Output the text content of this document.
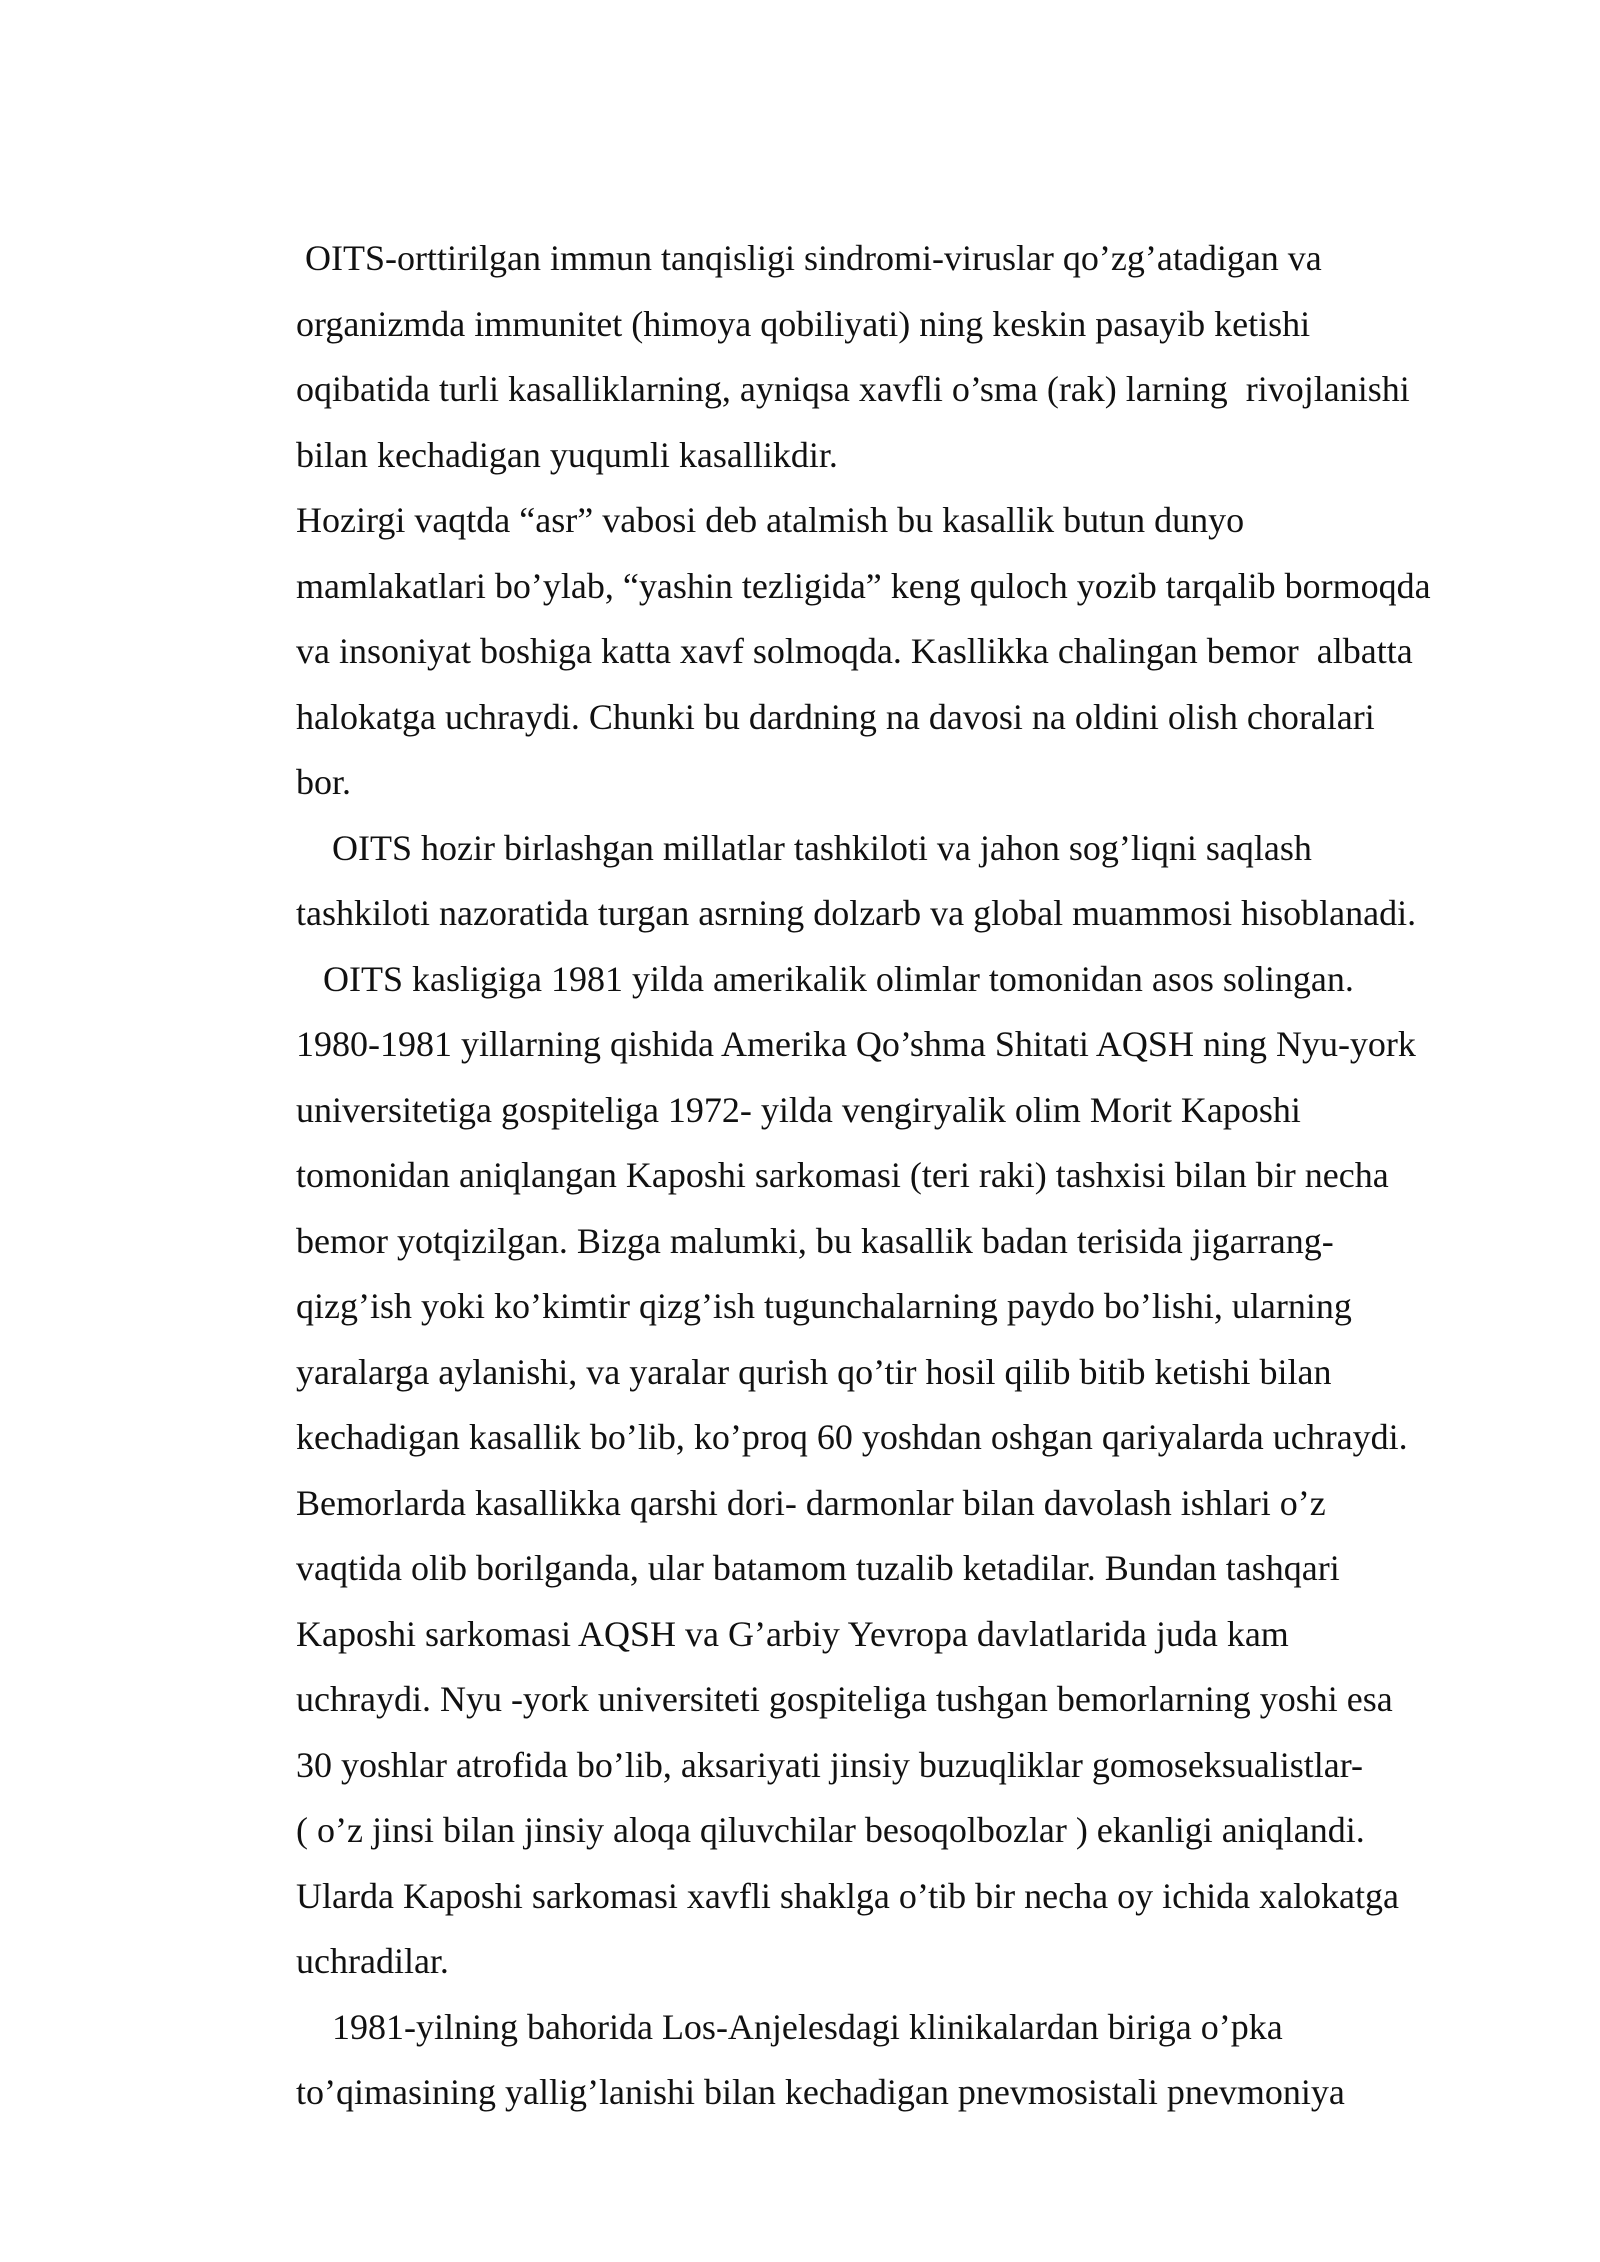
OITS-orttirilgan immun tanqisligi sindromi-viruslar qo’zg’atadigan va
organizmda immunitet (himoya qobiliyati) ning keskin pasayib ketishi
oqibatida turli kasalliklarning, ayniqsa xavfli o’sma (rak) larning  rivojlanishi
bilan kechadigan yuqumli kasallikdir.
Hozirgi vaqtda “asr” vabosi deb atalmish bu kasallik butun dunyo
mamlakatlari bo’ylab, “yashin tezligida” keng quloch yozib tarqalib bormoqda
va insoniyat boshiga katta xavf solmoqda. Kasllikka chalingan bemor  albatta
halokatga uchraydi. Chunki bu dardning na davosi na oldini olish choralari
bor.
OITS hozir birlashgan millatlar tashkiloti va jahon sog’liqni saqlash
tashkiloti nazoratida turgan asrning dolzarb va global muammosi hisoblanadi.
OITS kasligiga 1981 yilda amerikalik olimlar tomonidan asos solingan.
1980-1981 yillarning qishida Amerika Qo’shma Shitati AQSH ning Nyu-york
universitetiga gospiteliga 1972- yilda vengiryalik olim Morit Kaposhi
tomonidan aniqlangan Kaposhi sarkomasi (teri raki) tashxisi bilan bir necha
bemor yotqizilgan. Bizga malumki, bu kasallik badan terisida jigarrang-
qizg’ish yoki ko’kimtir qizg’ish tugunchalarning paydo bo’lishi, ularning
yaralarga aylanishi, va yaralar qurish qo’tir hosil qilib bitib ketishi bilan
kechadigan kasallik bo’lib, ko’proq 60 yoshdan oshgan qariyalarda uchraydi.
Bemorlarda kasallikka qarshi dori- darmonlar bilan davolash ishlari o’z
vaqtida olib borilganda, ular batamom tuzalib ketadilar. Bundan tashqari
Kaposhi sarkomasi AQSH va G’arbiy Yevropa davlatlarida juda kam
uchraydi. Nyu -york universiteti gospiteliga tushgan bemorlarning yoshi esa
30 yoshlar atrofida bo’lib, aksariyati jinsiy buzuqliklar gomoseksualistlar-
( o’z jinsi bilan jinsiy aloqa qiluvchilar besoqolbozlar ) ekanligi aniqlandi.
Ularda Kaposhi sarkomasi xavfli shaklga o’tib bir necha oy ichida xalokatga
uchradilar.
1981-yilning bahorida Los-Anjelesdagi klinikalardan biriga o’pka
to’qimasining yallig’lanishi bilan kechadigan pnevmosistali pnevmoniya
